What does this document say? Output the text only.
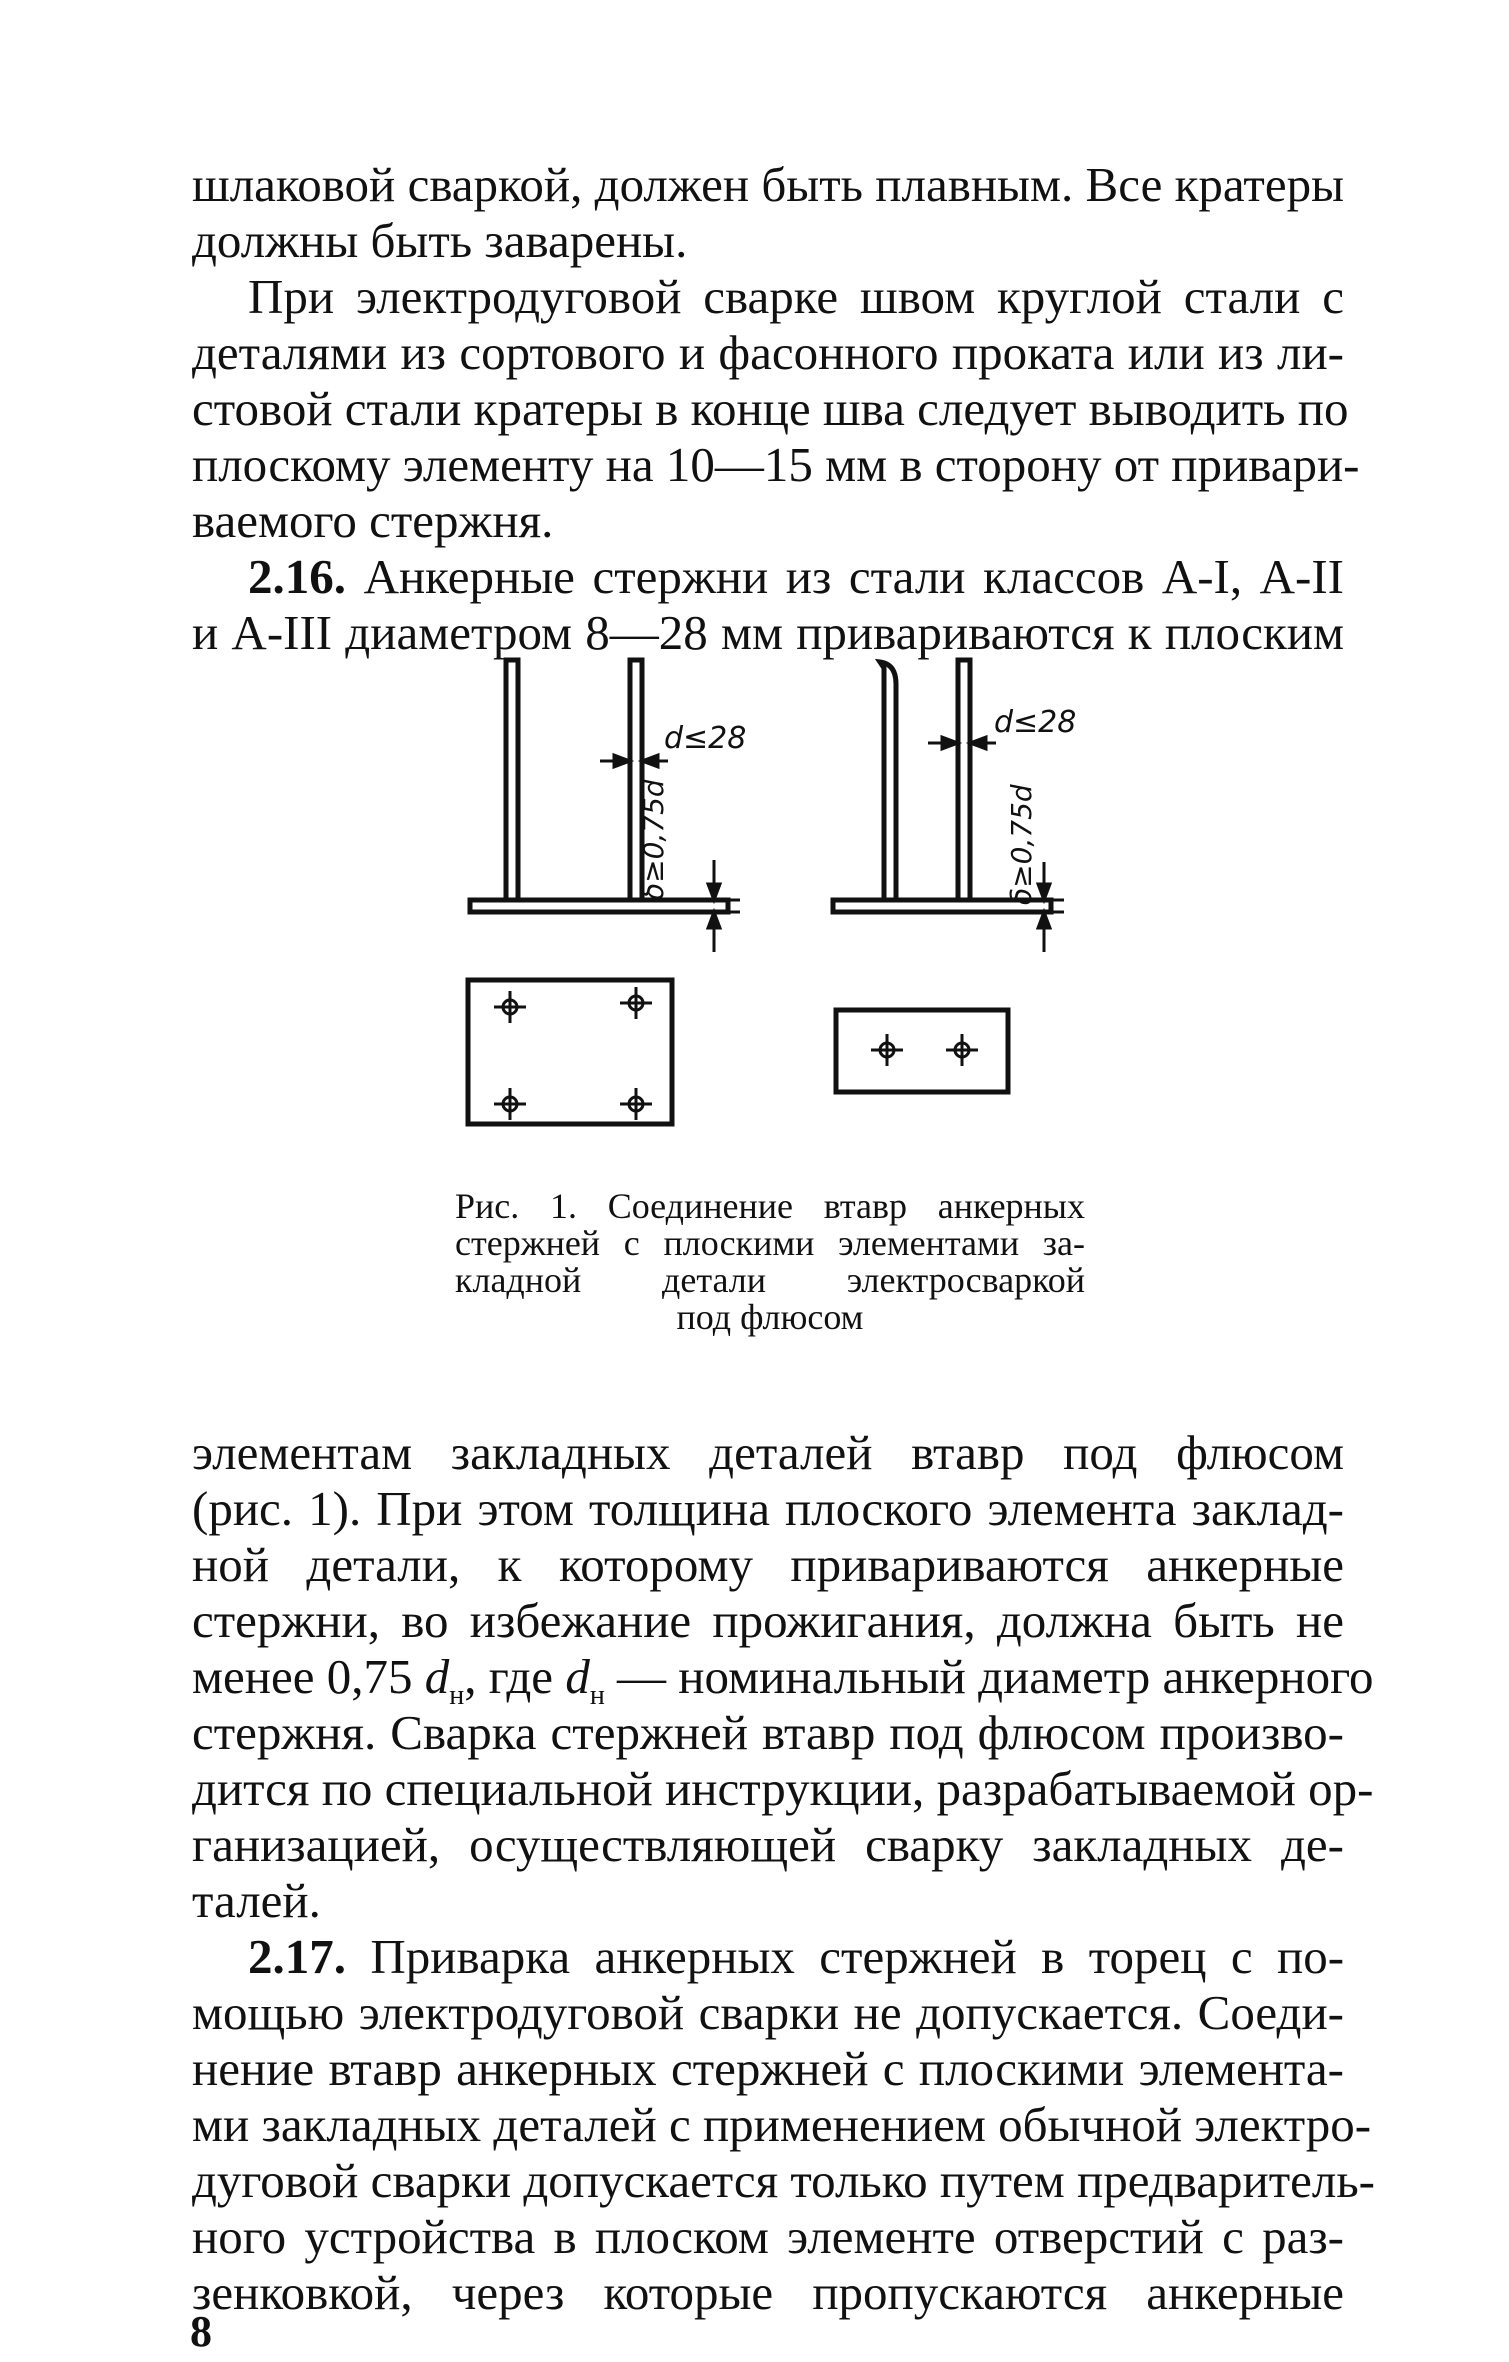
шлаковой сваркой, должен быть плавным. Все кратеры
должны быть заварены.
При электродуговой сварке швом круглой стали с
деталями из сортового и фасонного проката или из ли-
стовой стали кратеры в конце шва следует выводить по
плоскому элементу на 10—15 мм в сторону от привари-
ваемого стержня.
2.16. Анкерные стержни из стали классов А-I, А-II
и А-III диаметром 8—28 мм привариваются к плоским
d≤28	d≤28
δ≥0,75d	δ≥0,75d
Рис. 1. Соединение втавр анкерных
стержней с плоскими элементами за-
кладной детали электросваркой
под флюсом
элементам закладных деталей втавр под флюсом
(рис. 1). При этом толщина плоского элемента заклад-
ной детали, к которому привариваются анкерные
стержни, во избежание прожигания, должна быть не
менее 0,75 $d_н$, где $d_н$ — номинальный диаметр анкерного
стержня. Сварка стержней втавр под флюсом произво-
дится по специальной инструкции, разрабатываемой ор-
ганизацией, осуществляющей сварку закладных де-
талей.
2.17. Приварка анкерных стержней в торец с по-
мощью электродуговой сварки не допускается. Соеди-
нение втавр анкерных стержней с плоскими элемента-
ми закладных деталей с применением обычной электро-
дуговой сварки допускается только путем предваритель-
ного устройства в плоском элементе отверстий с раз-
зенковкой, через которые пропускаются анкерные
8
